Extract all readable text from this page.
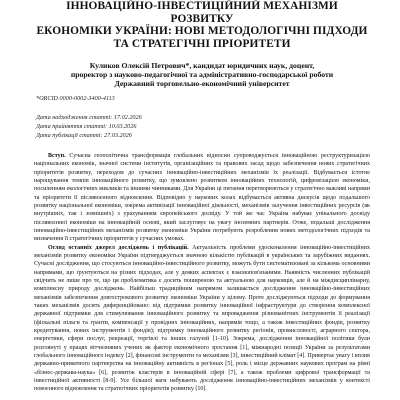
ІННОВАЦІЙНО-ІНВЕСТИЦІЙНИЙ МЕХАНІЗМИ РОЗВИТКУ
ЕКОНОМІКИ УКРАЇНИ: НОВІ МЕТОДОЛОГІЧНІ ПІДХОДИ
ТА СТРАТЕГІЧНІ ПРІОРИТЕТИ
Куликов Олексій Петрович*, кандидат юридичних наук, доцент,
проректор з науково-педагогічної та адміністративно-господарської роботи
Державний торговельно-економічний університет
*ORCID 0000-0002-3400-4113
Дата надходження статті: 17.02.2026
Дата прийняття статті: 10.03.2026
Дата публікації статті: 27.03.2026

Вступ. Сучасна геополітична трансформація глобальних відносин супроводжується інноваційною реструктуризацією національних економік, значної системи інститутів, організаційних та правових засад щодо забезпечення нових стратегічних пріоритетів розвитку, переходом до сучасних інноваційно-інвестиційних механізмів їх реалізації. Відбувається істотне нарощування темпів інноваційного розвитку, що зумовлено розвитком інноваційних технологій, цифровізацією економіки, посиленням екологічних викликів та іншими чинниками. Для України ці питання перетворюються у стратегічно важливі напрями та пріоритети її післявоєнного відновлення. Відповідно у наукових колах відбувається активна дискусія щодо подальшого розвитку національної економіки, зокрема активізації інноваційної діяльності, механізмів залучення інвестиційних ресурсів (як внутрішніх, так і зовнішніх) з урахуванням європейського досвіду. У той же час Україна набуває унікального досвіду післявоєнної економіки на інноваційній основі, який заслуговує на увагу іноземних партнерів. Отже, подальші дослідження інноваційно-інвестиційних механізмів розвитку економіки України потребують розроблення нових методологічних підходів та визначення її стратегічних пріоритетів у сучасних умовах.

Огляд останніх джерел досліджень і публікацій. Актуальність проблеми удосконалення інноваційно-інвестиційних механізмів розвитку економіки України підтверджується значною кількістю публікацій в українських та зарубіжних виданнях. Сучасні дослідження, що стосуються інноваційно-інвестиційного розвитку, можуть бути систематизовані за кількома основними напрямами, що ґрунтуються на різних підходах, але у деяких аспектах є взаємопов'язаними. Наявність численних публікацій свідчить не лише про те, що ця проблематика є досить поширеною та актуальною для науковців, але й на міждисциплінарну, комплексну природу досліджень. Найбільш традиційним напрямом залишається дослідження інноваційно-інвестиційних механізмів забезпечення довгострокового розвитку економіки України у цілому. Проте досліджуються підходи до формування таких механізмів досить диференційовано: від підтримки розвитку інноваційної інфраструктури до створення комплексної державної підтримки для стимулювання інноваційного розвитку та впровадження різноманітних інструментів її реалізації (фіскальні пільги та гранти, компенсації у провідних інноваційних, напрямів тощо, а також інвестиційних фондів, розвитку кредитування, нових інструментів і фондів); підтримку інноваційного розвитку регіонів, промисловості, аграрного сектора, енергетики, сфери послуг, рекреації, торгівлі та інших галузей [1-10]. Зокрема, дослідження інноваційної політики були розглянуті у працях вітчизняних учених як фактор економічного зростання [1], міжнародні позиції України за результатами глобального інноваційного індексу [2], фінансові інструменти та механізми [3], інвестиційний клімат [4]. Привертає увагу і вплив державно-приватного партнерства на інноваційну активність в регіонах [5], роль і місце державних наукових програм на рівні «бізнес-держава-наука» [6], розвиток кластерів в інноваційній сфері [7], а також проблеми цифрової трансформації та інвестиційної активності [8-9]. Усе більшої ваги набувають дослідження інноваційно-інвестиційних механізмів у контексті повоєнного відновлення та стратегічних пріоритетів розвитку [10].
